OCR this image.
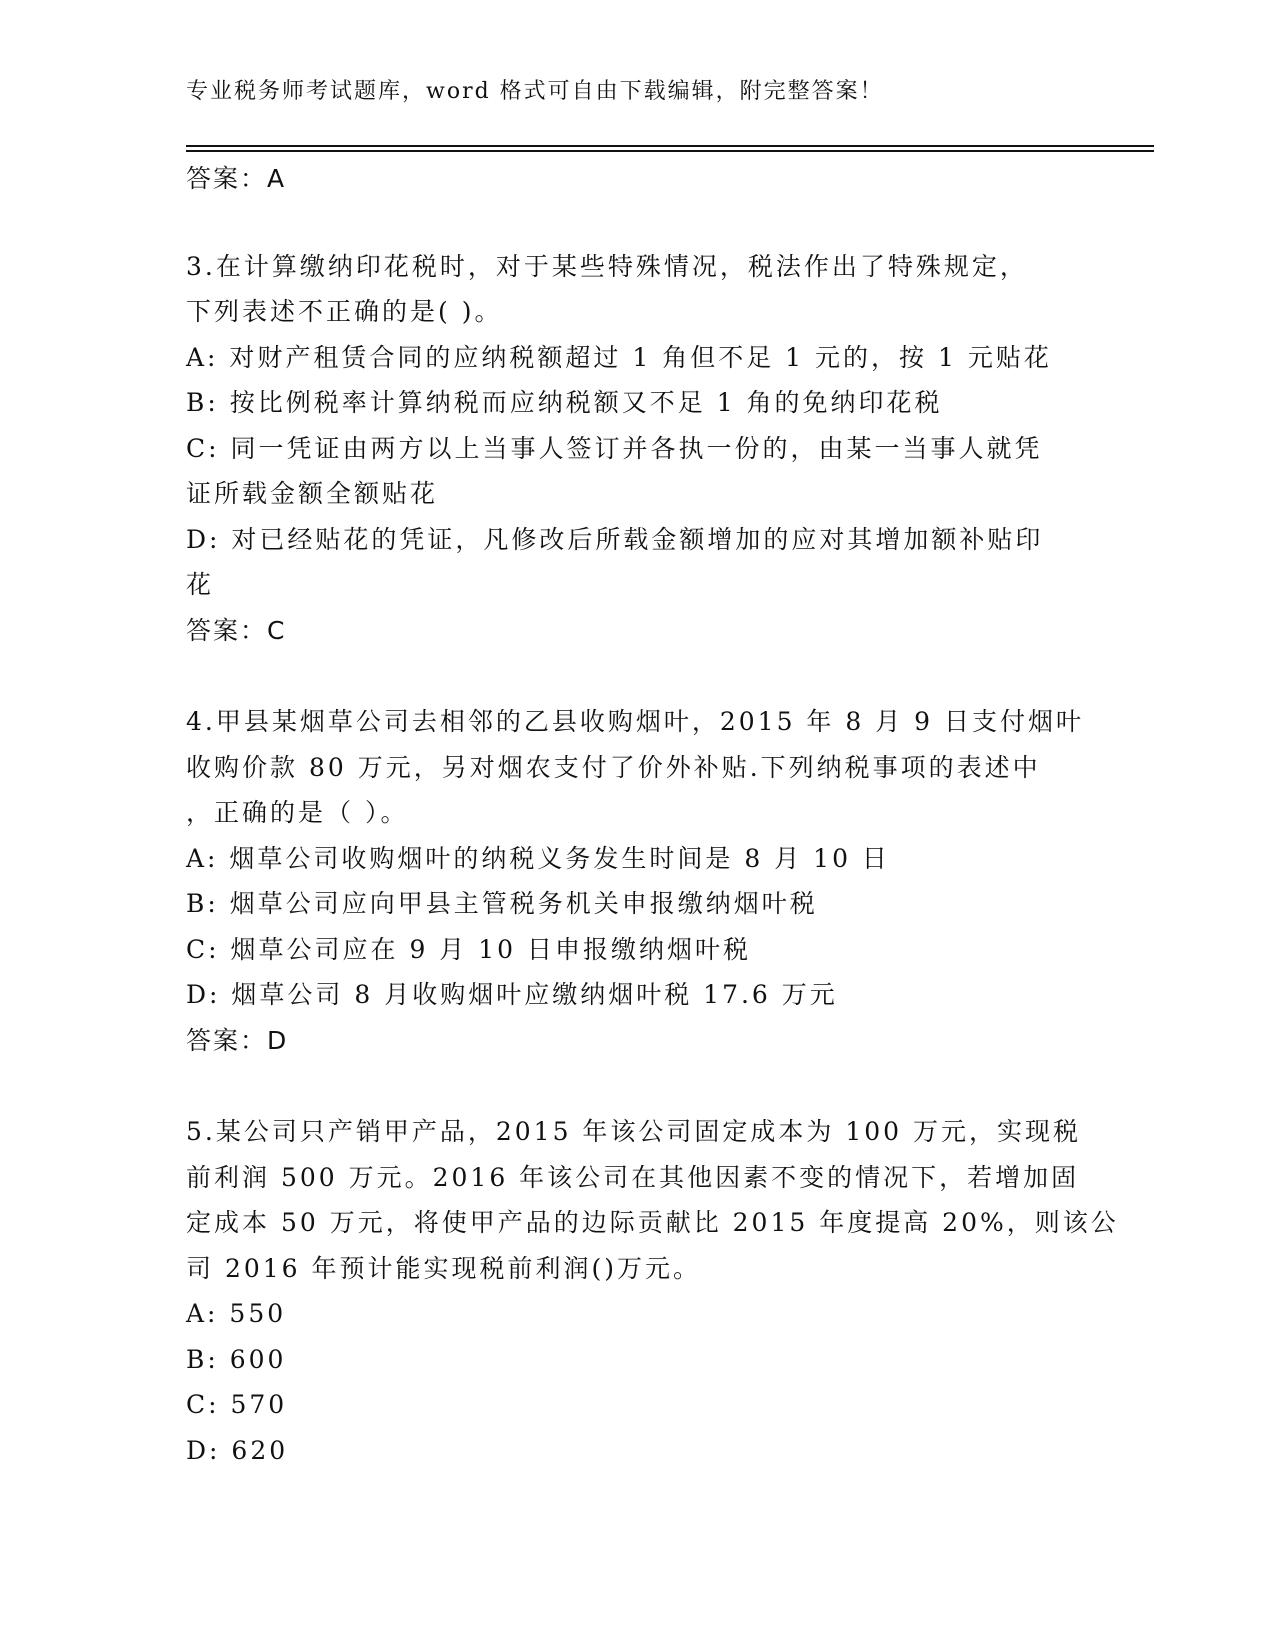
专业税务师考试题库，word 格式可自由下载编辑，附完整答案！
答案：A
3.在计算缴纳印花税时，对于某些特殊情况，税法作出了特殊规定，
下列表述不正确的是( )。
A: 对财产租赁合同的应纳税额超过 1 角但不足 1 元的，按 1 元贴花
B: 按比例税率计算纳税而应纳税额又不足 1 角的免纳印花税
C: 同一凭证由两方以上当事人签订并各执一份的，由某一当事人就凭
证所载金额全额贴花
D: 对已经贴花的凭证，凡修改后所载金额增加的应对其增加额补贴印
花
答案：C
4.甲县某烟草公司去相邻的乙县收购烟叶，2015 年 8 月 9 日支付烟叶
收购价款 80 万元，另对烟农支付了价外补贴.下列纳税事项的表述中
，正确的是（ ）。
A: 烟草公司收购烟叶的纳税义务发生时间是 8 月 10 日
B: 烟草公司应向甲县主管税务机关申报缴纳烟叶税
C: 烟草公司应在 9 月 10 日申报缴纳烟叶税
D: 烟草公司 8 月收购烟叶应缴纳烟叶税 17.6 万元
答案：D
5.某公司只产销甲产品，2015 年该公司固定成本为 100 万元，实现税
前利润 500 万元。2016 年该公司在其他因素不变的情况下，若增加固
定成本 50 万元，将使甲产品的边际贡献比 2015 年度提高 20%，则该公
司 2016 年预计能实现税前利润()万元。
A: 550
B: 600
C: 570
D: 620
